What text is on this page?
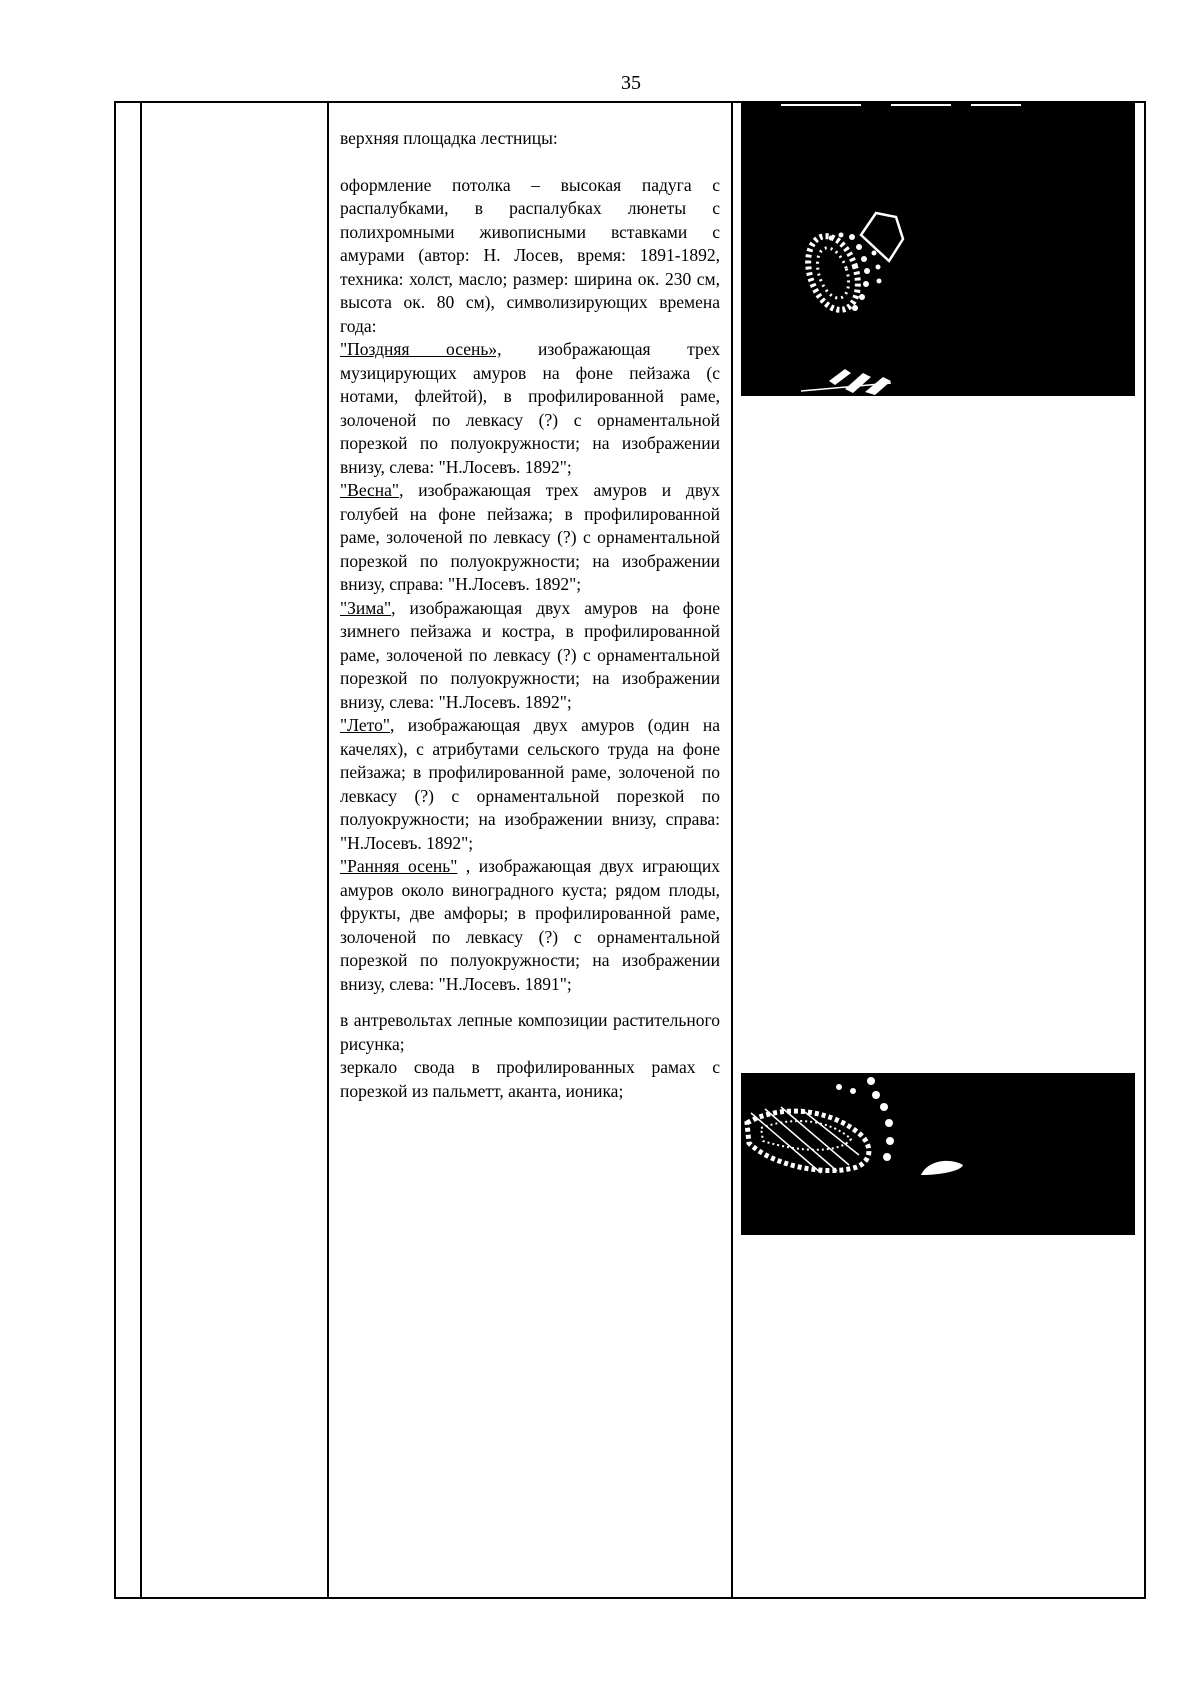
35

верхняя площадка лестницы:

оформление потолка – высокая падуга с распалубками, в распалубках люнеты с полихромными живописными вставками с амурами (автор: Н. Лосев, время: 1891-1892, техника: холст, масло; размер: ширина ок. 230 см, высота ок. 80 см), символизирующих времена года:

"Поздняя осень», изображающая трех музицирующих амуров на фоне пейзажа (с нотами, флейтой), в профилированной раме, золоченой по левкасу (?) с орнаментальной порезкой по полуокружности; на изображении внизу, слева: "Н.Лосевъ. 1892";

"Весна", изображающая трех амуров и двух голубей на фоне пейзажа; в профилированной раме, золоченой по левкасу (?) с орнаментальной порезкой по полуокружности; на изображении внизу, справа: "Н.Лосевъ. 1892";

"Зима", изображающая двух амуров на фоне зимнего пейзажа и костра, в профилированной раме, золоченой по левкасу (?) с орнаментальной порезкой по полуокружности; на изображении внизу, слева: "Н.Лосевъ. 1892";

"Лето", изображающая двух амуров (один на качелях), с атрибутами сельского труда на фоне пейзажа; в профилированной раме, золоченой по левкасу (?) с орнаментальной порезкой по полуокружности; на изображении внизу, справа: "Н.Лосевъ. 1892";

"Ранняя осень" , изображающая двух играющих амуров около виноградного куста; рядом плоды, фрукты, две амфоры; в профилированной раме, золоченой по левкасу (?) с орнаментальной порезкой по полуокружности; на изображении внизу, слева: "Н.Лосевъ. 1891";

в антревольтах лепные композиции растительного рисунка;

зеркало свода в профилированных рамах с порезкой из пальметт, аканта, ионика;
